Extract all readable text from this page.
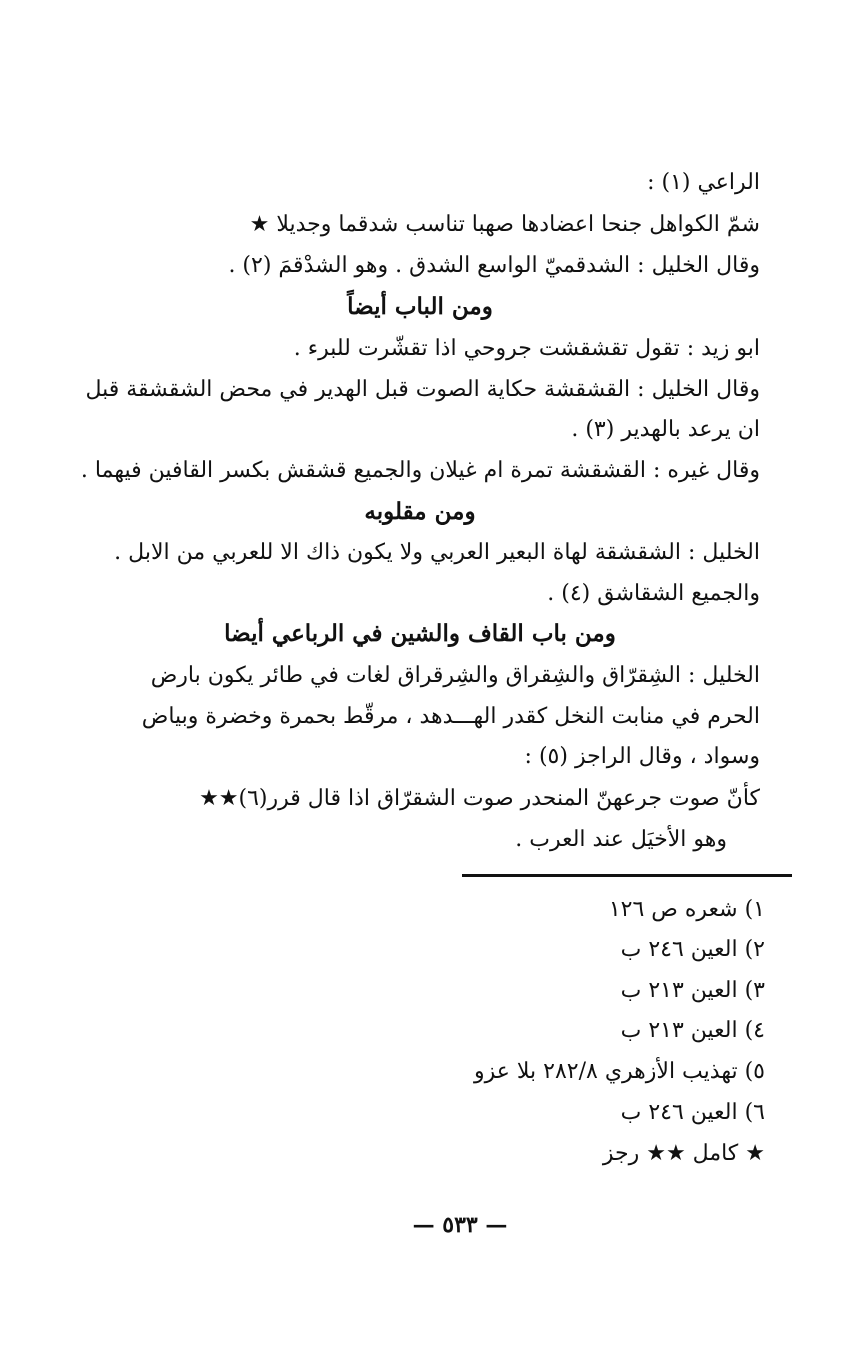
الراعي (١) :
شمّ الكواهل جنحا اعضادها صهبا تناسب شدقما وجديلا ★
وقال الخليل : الشدقميّ الواسع الشدق . وهو الشدْقمَ (٢) .
ومن الباب أيضاً
ابو زيد : تقول تقشقشت جروحي اذا تقشّرت للبرء .
وقال الخليل : القشقشة حكاية الصوت قبل الهدير في محض الشقشقة قبل
ان يرعد بالهدير (٣) .
وقال غيره : القشقشة تمرة ام غيلان والجميع قشقش بكسر القافين فيهما .
ومن مقلوبه
الخليل : الشقشقة لهاة البعير العربي ولا يكون ذاك الا للعربي من الابل .
والجميع الشقاشق (٤) .
ومن باب القاف والشين في الرباعي أيضا
الخليل : الشِقرّاق والشِقراق والشِرقراق لغات في طائر يكون بارض
الحرم في منابت النخل كقدر الهـــدهد ، مرقّط بحمرة وخضرة وبياض
وسواد ، وقال الراجز (٥) :
كأنّ صوت جرعهنّ المنحدر صوت الشقرّاق اذا قال قرر(٦)★★
وهو الأخيَل عند العرب .
١) شعره ص ١٢٦
٢) العين ٢٤٦ ب
٣) العين ٢١٣ ب
٤) العين ٢١٣ ب
٥) تهذيب الأزهري ٢٨٢/٨ بلا عزو
٦) العين ٢٤٦ ب
★ كامل ★★ رجز
— ٥٣٣ —
